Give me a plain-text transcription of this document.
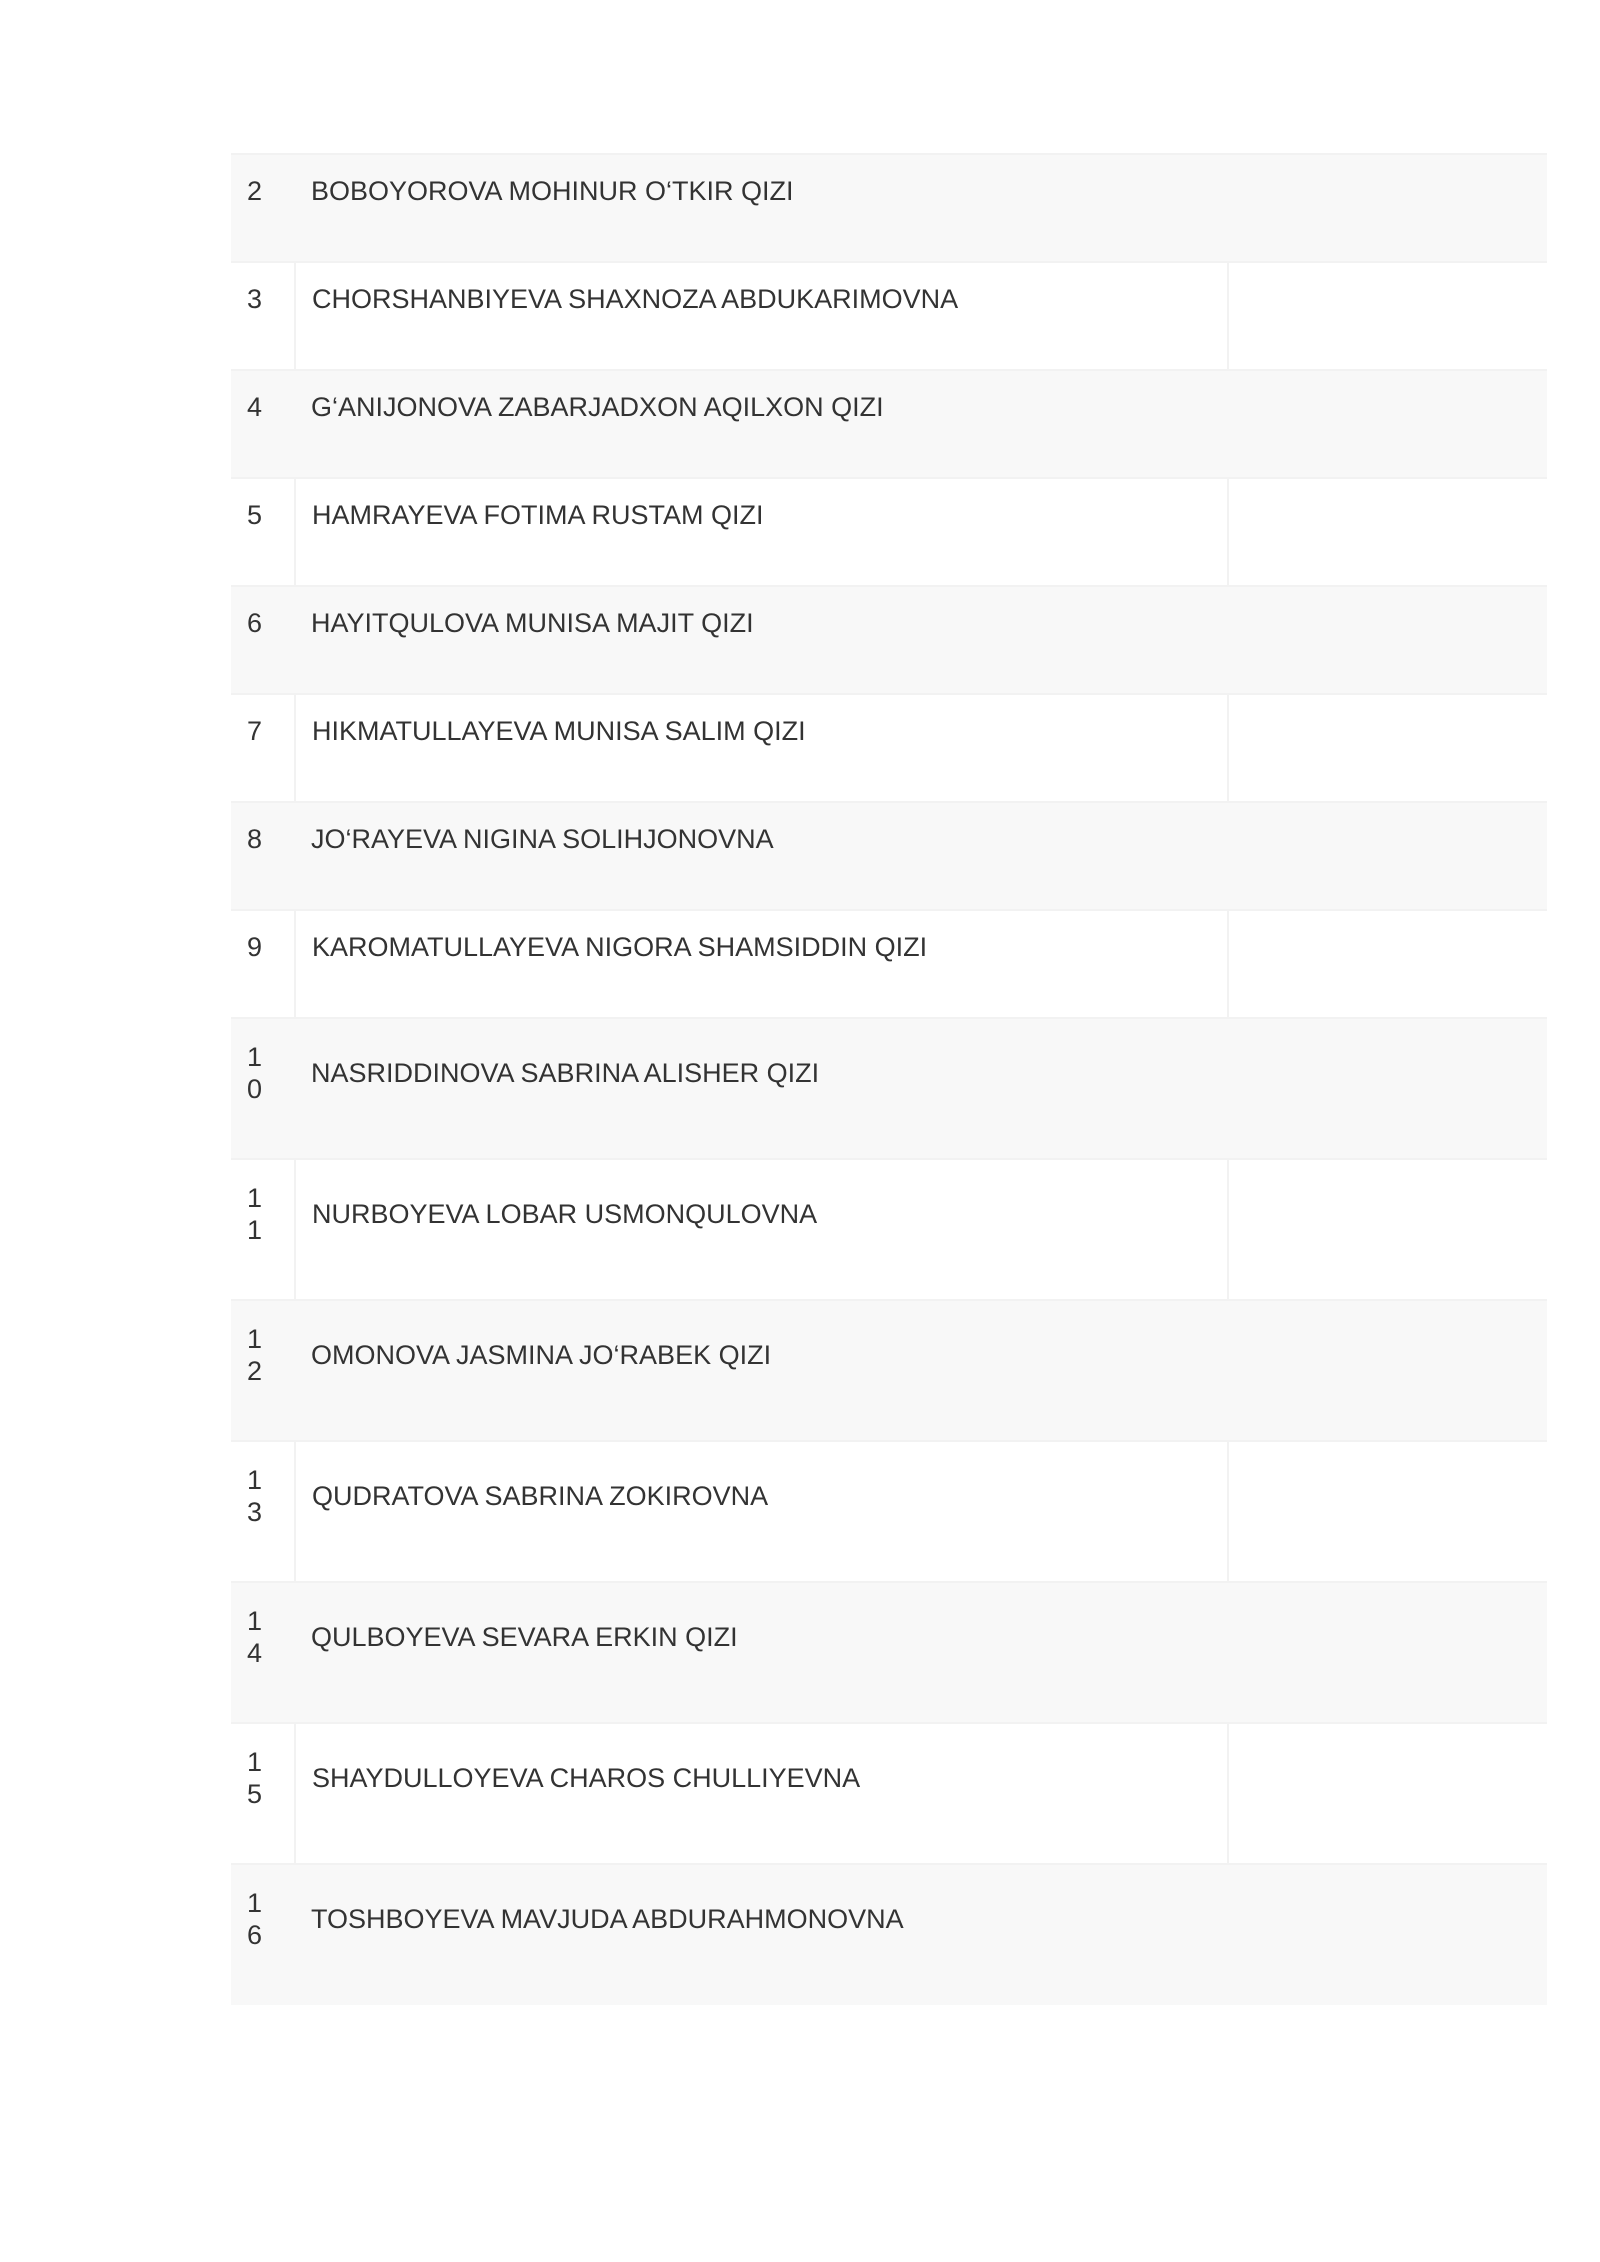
2	BOBOYOROVA MOHINUR O‘TKIR QIZI	
3	CHORSHANBIYEVA SHAXNOZA ABDUKARIMOVNA	
4	G‘ANIJONOVA ZABARJADXON AQILXON QIZI	
5	HAMRAYEVA FOTIMA RUSTAM QIZI	
6	HAYITQULOVA MUNISA MAJIT QIZI	
7	HIKMATULLAYEVA MUNISA SALIM QIZI	
8	JO‘RAYEVA NIGINA SOLIHJONOVNA	
9	KAROMATULLAYEVA NIGORA SHAMSIDDIN QIZI	
10	NASRIDDINOVA SABRINA ALISHER QIZI	
11	NURBOYEVA LOBAR USMONQULOVNA	
12	OMONOVA JASMINA JO‘RABEK QIZI	
13	QUDRATOVA SABRINA ZOKIROVNA	
14	QULBOYEVA SEVARA ERKIN QIZI	
15	SHAYDULLOYEVA CHAROS CHULLIYEVNA	
16	TOSHBOYEVA MAVJUDA ABDURAHMONOVNA	
